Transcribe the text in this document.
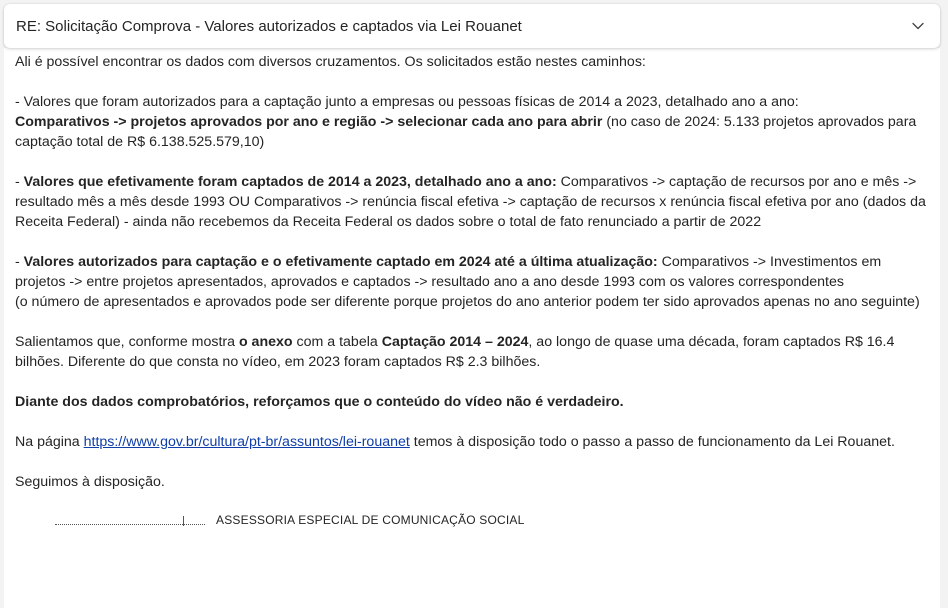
RE: Solicitação Comprova - Valores autorizados e captados via Lei Rouanet

Ali é possível encontrar os dados com diversos cruzamentos. Os solicitados estão nestes caminhos:

- Valores que foram autorizados para a captação junto a empresas ou pessoas físicas de 2014 a 2023, detalhado ano a ano:
Comparativos -> projetos aprovados por ano e região -> selecionar cada ano para abrir (no caso de 2024: 5.133 projetos aprovados para captação total de R$ 6.138.525.579,10)

- Valores que efetivamente foram captados de 2014 a 2023, detalhado ano a ano: Comparativos -> captação de recursos por ano e mês -> resultado mês a mês desde 1993 OU Comparativos -> renúncia fiscal efetiva -> captação de recursos x renúncia fiscal efetiva por ano (dados da Receita Federal) - ainda não recebemos da Receita Federal os dados sobre o total de fato renunciado a partir de 2022

- Valores autorizados para captação e o efetivamente captado em 2024 até a última atualização: Comparativos -> Investimentos em projetos -> entre projetos apresentados, aprovados e captados -> resultado ano a ano desde 1993 com os valores correspondentes
(o número de apresentados e aprovados pode ser diferente porque projetos do ano anterior podem ter sido aprovados apenas no ano seguinte)

Salientamos que, conforme mostra o anexo com a tabela Captação 2014 – 2024, ao longo de quase uma década, foram captados R$ 16.4 bilhões. Diferente do que consta no vídeo, em 2023 foram captados R$ 2.3 bilhões.

Diante dos dados comprobatórios, reforçamos que o conteúdo do vídeo não é verdadeiro.

Na página https://www.gov.br/cultura/pt-br/assuntos/lei-rouanet temos à disposição todo o passo a passo de funcionamento da Lei Rouanet.

Seguimos à disposição.

ASSESSORIA ESPECIAL DE COMUNICAÇÃO SOCIAL
